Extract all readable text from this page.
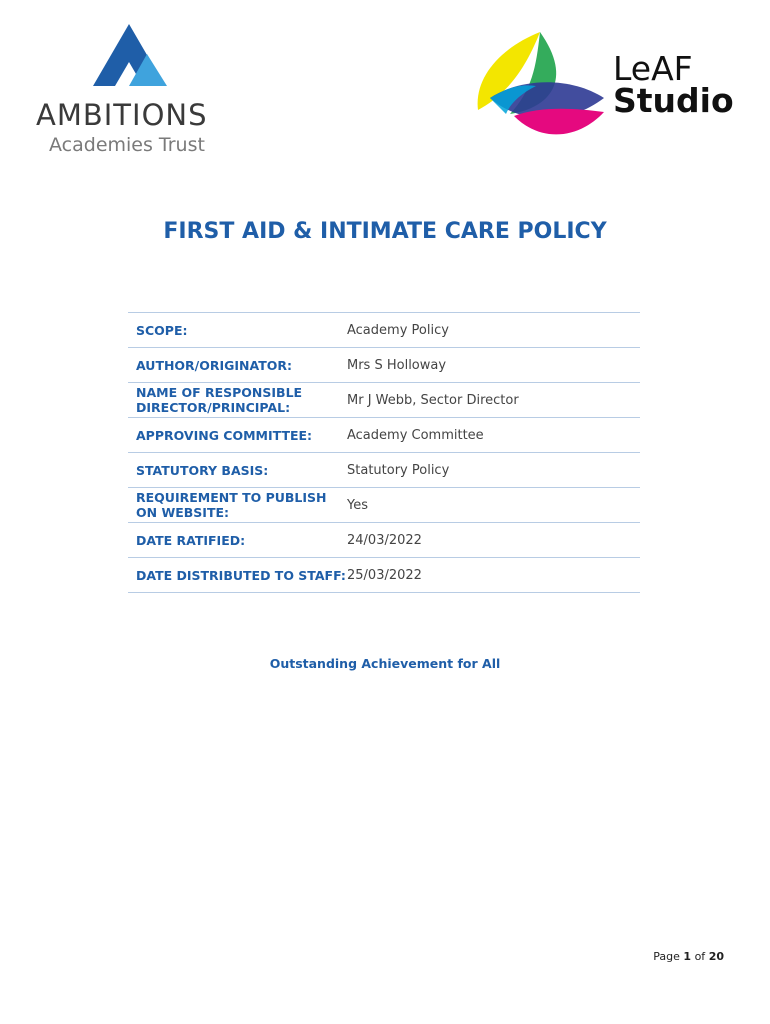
AMBITIONS
Academies Trust
LeAF
Studio
FIRST AID & INTIMATE CARE POLICY
SCOPE:	Academy Policy
AUTHOR/ORIGINATOR:	Mrs S Holloway
NAME OF RESPONSIBLE DIRECTOR/PRINCIPAL:	Mr J Webb, Sector Director
APPROVING COMMITTEE:	Academy Committee
STATUTORY BASIS:	Statutory Policy
REQUIREMENT TO PUBLISH ON WEBSITE:	Yes
DATE RATIFIED:	24/03/2022
DATE DISTRIBUTED TO STAFF: 25/03/2022
Outstanding Achievement for All
Page 1 of 20
